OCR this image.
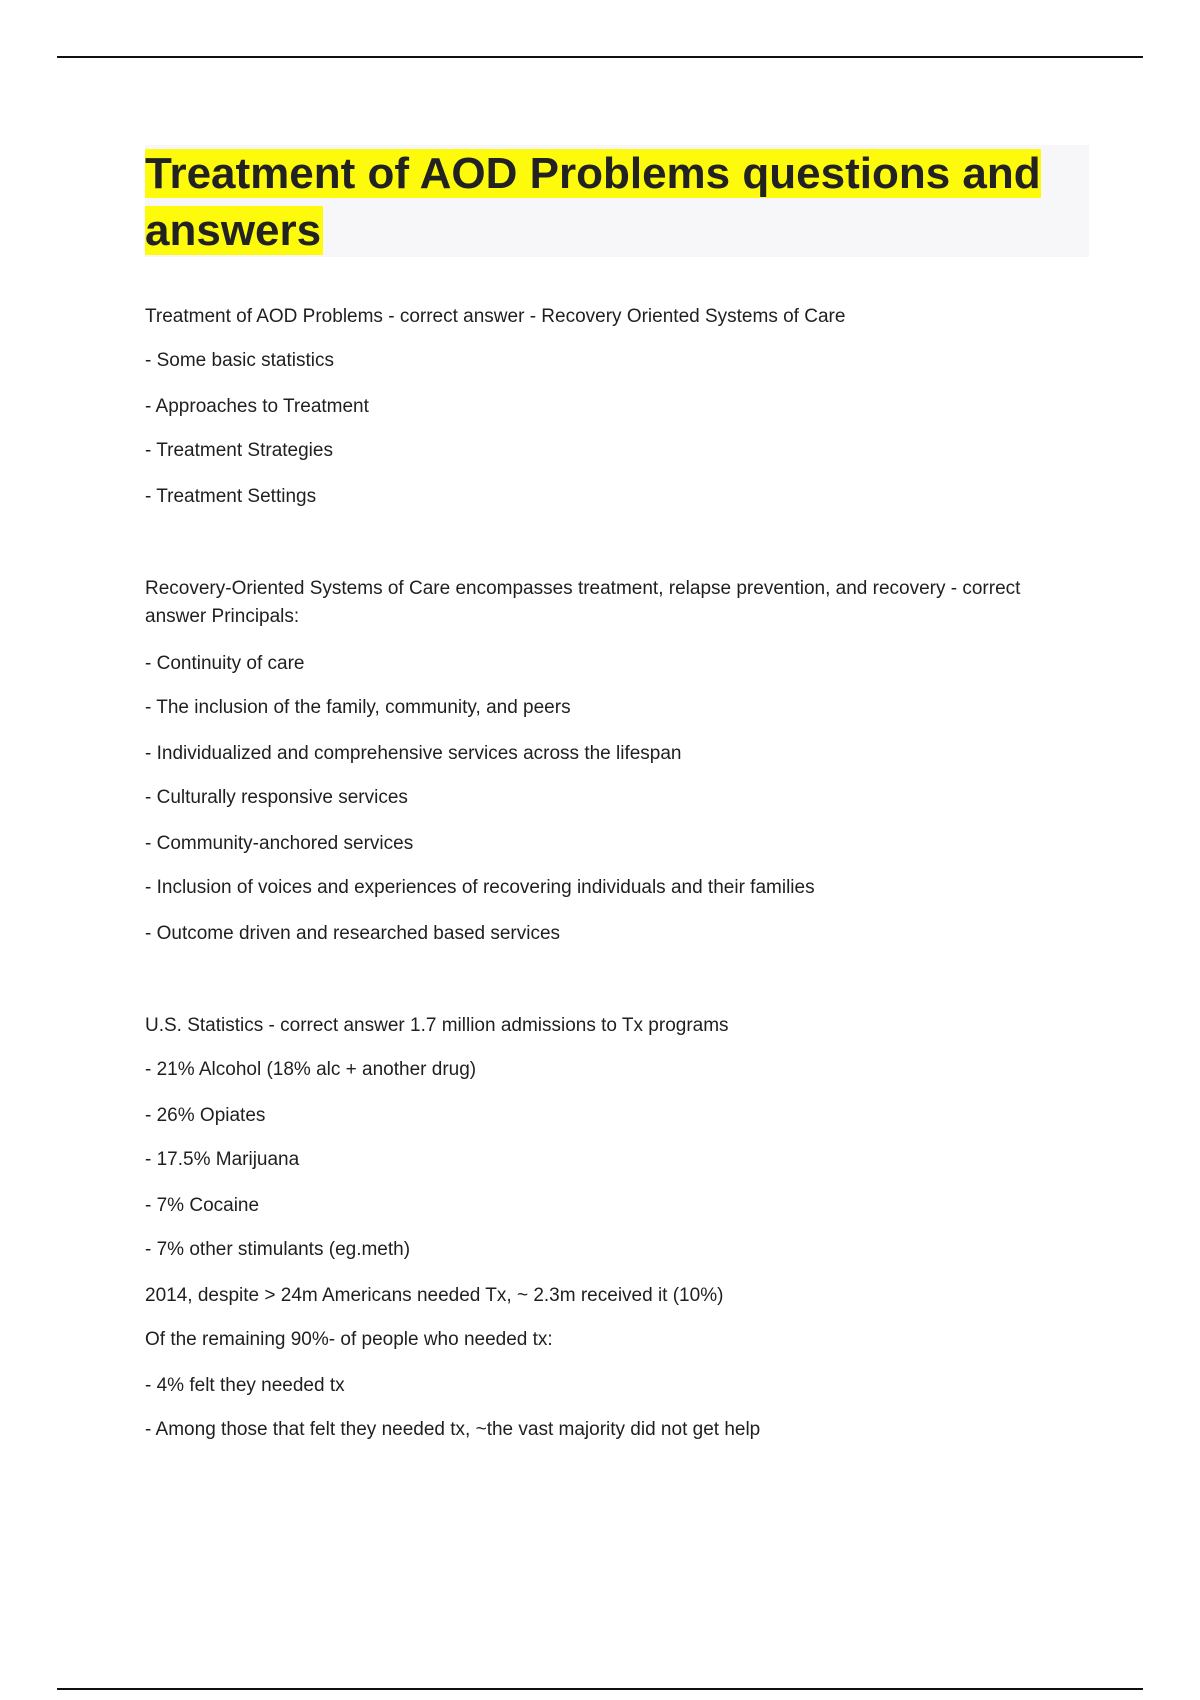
Treatment of AOD Problems questions and answers
Treatment of AOD Problems - correct answer - Recovery Oriented Systems of Care
- Some basic statistics
- Approaches to Treatment
- Treatment Strategies
- Treatment Settings
Recovery-Oriented Systems of Care encompasses treatment, relapse prevention, and recovery - correct answer Principals:
- Continuity of care
- The inclusion of the family, community, and peers
- Individualized and comprehensive services across the lifespan
- Culturally responsive services
- Community-anchored services
- Inclusion of voices and experiences of recovering individuals and their families
- Outcome driven and researched based services
U.S. Statistics - correct answer 1.7 million admissions to Tx programs
- 21% Alcohol (18% alc + another drug)
- 26% Opiates
- 17.5% Marijuana
- 7% Cocaine
- 7% other stimulants (eg.meth)
2014, despite > 24m Americans needed Tx, ~ 2.3m received it (10%)
Of the remaining 90%- of people who needed tx:
- 4% felt they needed tx
- Among those that felt they needed tx, ~the vast majority did not get help
